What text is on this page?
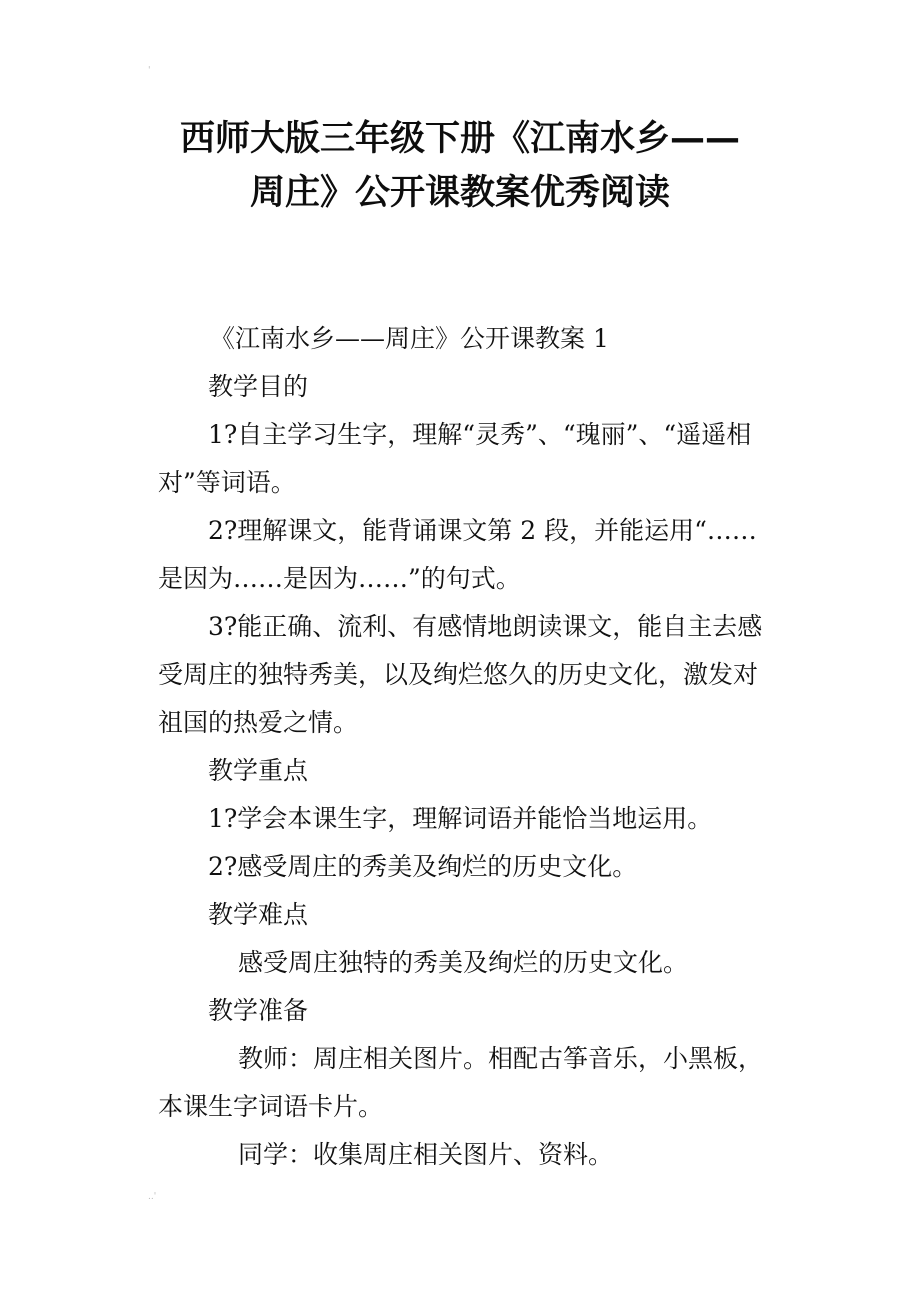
'
西师大版三年级下册《江南水乡——
周庄》公开课教案优秀阅读

《江南水乡——周庄》公开课教案 1

教学目的

1?自主学习生字，理解“灵秀”、“瑰丽”、“遥遥相对”等词语。

2?理解课文，能背诵课文第 2 段，并能运用“……是因为……是因为……”的句式。

3?能正确、流利、有感情地朗读课文，能自主去感受周庄的独特秀美，以及绚烂悠久的历史文化，激发对祖国的热爱之情。

教学重点

1?学会本课生字，理解词语并能恰当地运用。

2?感受周庄的秀美及绚烂的历史文化。

教学难点

感受周庄独特的秀美及绚烂的历史文化。

教学准备

教师：周庄相关图片。相配古筝音乐，小黑板，本课生字词语卡片。

同学：收集周庄相关图片、资料。

..'
